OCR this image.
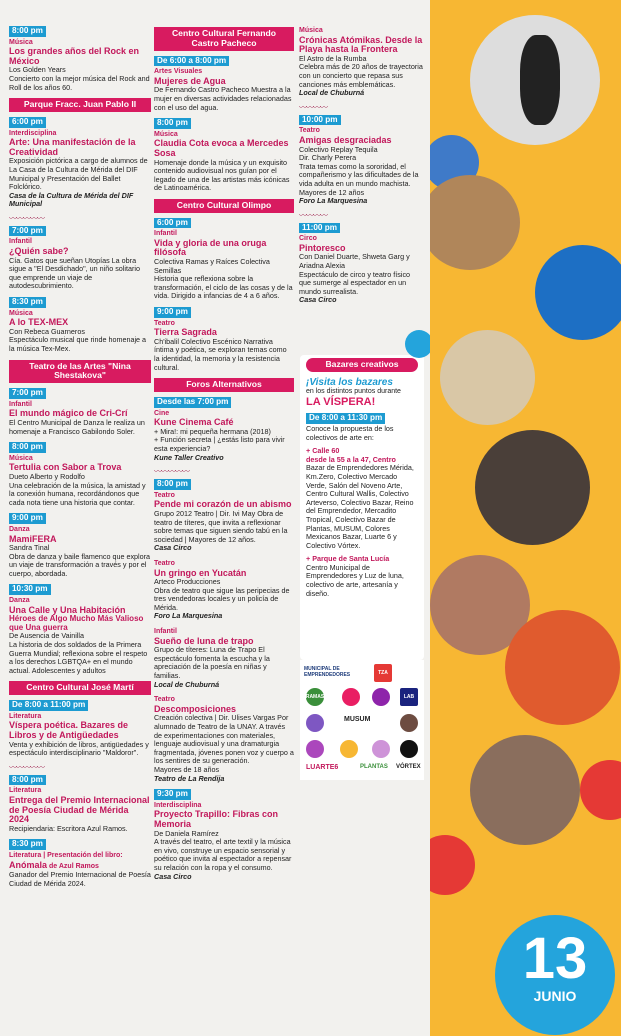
8:00 pm
Música
Los grandes años del Rock en México
Los Golden Years
Concierto con la mejor música del Rock and Roll de los años 60.
Parque Fracc. Juan Pablo II
6:00 pm
Interdisciplina
Arte: Una manifestación de la Creatividad
Exposición pictórica a cargo de alumnos de La Casa de la Cultura de Mérida del DIF Municipal y Presentación del Ballet Folclórico.
Casa de la Cultura de Mérida del DIF Municipal
〰〰〰〰〰
7:00 pm
Infantil
¿Quién sabe?
Cía. Gatos que sueñan Utopías La obra sigue a "El Desdichado", un niño solitario que emprende un viaje de autodescubrimiento.
8:30 pm
Música
A lo TEX-MEX
Con Rebeca Guarneros
Espectáculo musical que rinde homenaje a la música Tex-Mex.
Teatro de las Artes "Nina Shestakova"
7:00 pm
Infantil
El mundo mágico de Cri-Crí
El Centro Municipal de Danza le realiza un homenaje a Francisco Gabilondo Soler.
8:00 pm
Música
Tertulia con Sabor a Trova
Dueto Alberto y Rodolfo
Una celebración de la música, la amistad y la conexión humana, recordándonos que cada nota tiene una historia que contar.
9:00 pm
Danza
MamiFERA
Sandra Tinal
Obra de danza y baile flamenco que explora un viaje de transformación a través y por el cuerpo, abordada.
10:30 pm
Danza
Una Calle y Una Habitación
Héroes de Algo Mucho Más Valioso que Una guerra
De Ausencia de Vainilla
La historia de dos soldados de la Primera Guerra Mundial; reflexiona sobre el respeto a los derechos LGBTQA+ en el mundo actual. Adolescentes y adultos
Centro Cultural José Martí
De 8:00 a 11:00 pm
Literatura
Víspera poética. Bazares de Libros y de Antigüedades
Venta y exhibición de libros, antigüedades y espectáculo interdisciplinario "Maldoror".
〰〰〰〰〰
8:00 pm
Literatura
Entrega del Premio Internacional de Poesía Ciudad de Mérida 2024
Recipiendaria: Escritora Azul Ramos.
8:30 pm
Literatura | Presentación del libro:
Anómala de Azul Ramos
Ganador del Premio Internacional de Poesía Ciudad de Mérida 2024.
Centro Cultural Fernando Castro Pacheco
De 6:00 a 8:00 pm
Artes Visuales
Mujeres de Agua
De Fernando Castro Pacheco Muestra a la mujer en diversas actividades relacionadas con el uso del agua.
8:00 pm
Música
Claudia Cota evoca a Mercedes Sosa
Homenaje donde la música y un exquisito contenido audiovisual nos guían por el legado de una de las artistas más icónicas de Latinoamérica.
Centro Cultural Olimpo
6:00 pm
Infantil
Vida y gloria de una oruga filósofa
Colectiva Ramas y Raíces Colectiva Semillas
Historia que reflexiona sobre la transformación, el ciclo de las cosas y de la vida. Dirigido a infancias de 4 a 6 años.
9:00 pm
Teatro
Tierra Sagrada
Ch'ibalil Colectivo Escénico Narrativa íntima y poética, se exploran temas como la identidad, la memoria y la resistencia cultural.
Foros Alternativos
Desde las 7:00 pm
Cine
Kune Cinema Café
+ Mira!: mi pequeña hermana (2018)
+ Función secreta | ¿estás listo para vivir esta experiencia?
Kune Taller Creativo
〰〰〰〰〰
8:00 pm
Teatro
Pende mi corazón de un abismo
Grupo 2012 Teatro | Dir. Ivi May Obra de teatro de títeres, que invita a reflexionar sobre temas que siguen siendo tabú en la sociedad | Mayores de 12 años.
Casa Circo
Teatro
Un gringo en Yucatán
Arteco Producciones
Obra de teatro que sigue las peripecias de tres vendedoras locales y un policía de Mérida.
Foro La Marquesina
Infantil
Sueño de luna de trapo
Grupo de títeres: Luna de Trapo El espectáculo fomenta la escucha y la apreciación de la poesía en niñas y familias.
Local de Chuburná
Teatro
Descomposiciones
Creación colectiva | Dir. Ulises Vargas Por alumnado de Teatro de la UNAY. A través de experimentaciones con materiales, lenguaje audiovisual y una dramaturgia fragmentada, jóvenes ponen voz y cuerpo a los sentires de su generación.
Mayores de 18 años
Teatro de La Rendija
9:30 pm
Interdisciplina
Proyecto Trapillo: Fibras con Memoria
De Daniela Ramírez
A través del teatro, el arte textil y la música en vivo, construye un espacio sensorial y poético que invita al espectador a repensar su relación con la ropa y el consumo.
Casa Circo
Música
Crónicas Atómikas. Desde la Playa hasta la Frontera
El Astro de la Rumba
Celebra más de 20 años de trayectoria con un concierto que repasa sus canciones más emblemáticas.
Local de Chuburná
〰〰〰〰
10:00 pm
Teatro
Amigas desgraciadas
Colectivo Replay Tequila
Dir. Charly Perera
Trata temas como la sororidad, el compañerismo y las dificultades de la vida adulta en un mundo machista.
Mayores de 12 años
Foro La Marquesina
〰〰〰〰
11:00 pm
Circo
Pintoresco
Con Daniel Duarte, Shweta Garg y Ariadna Alexia
Espectáculo de circo y teatro físico que sumerge al espectador en un mundo surrealista.
Casa Circo
Bazares creativos
¡Visita los bazares
en los distintos puntos durante
LA VÍSPERA!
De 8:00 a 11:30 pm
Conoce la propuesta de los colectivos de arte en:
+ Calle 60
desde la 55 a la 47, Centro
Bazar de Emprendedores Mérida, Km.Zero, Colectivo Mercado Verde, Salón del Noveno Arte, Centro Cultural Wallis, Colectivo Arteverso, Colectivo Bazar, Reino del Emprendedor, Mercadito Tropical, Colectivo Bazar de Plantas, MUSUM, Colores Mexicanos Bazar, Luarte 6 y Colectivo Vórtex.
+ Parque de Santa Lucía
Centro Municipal de Emprendedores y Luz de luna, colectivo de arte, artesanía y diseño.
MUNICIPAL DE EMPRENDEDORES	TZA
RAMAS	LAB
MUSUM
LUARTE6	PLANTAS VÓRTEX
13
JUNIO
